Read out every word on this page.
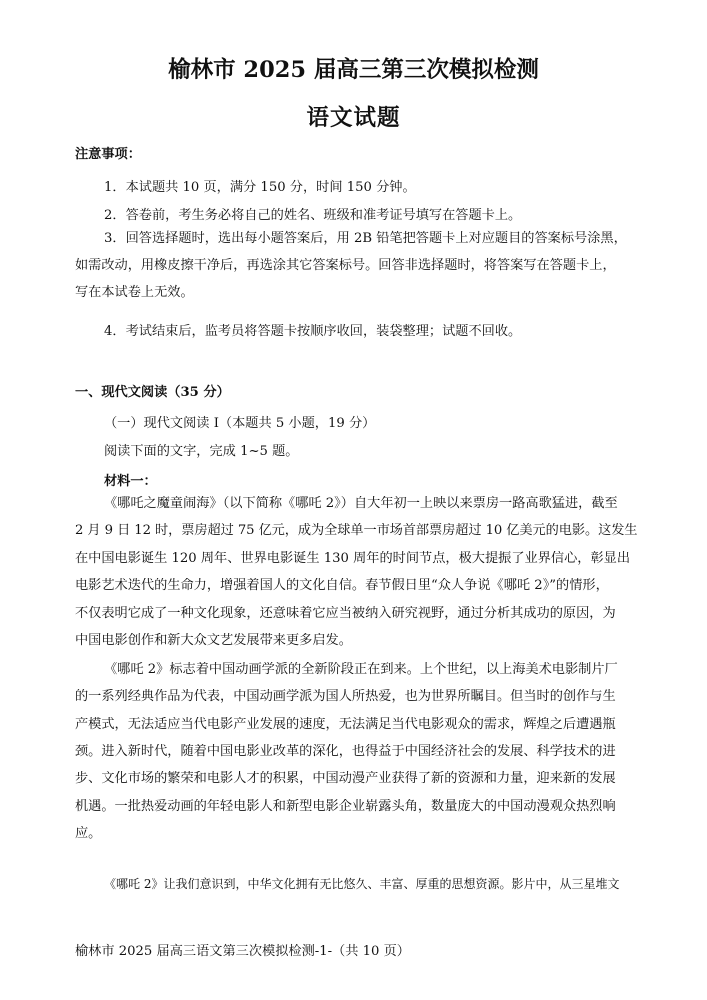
榆林市 2025 届高三第三次模拟检测
语文试题
注意事项：
1．本试题共 10 页，满分 150 分，时间 150 分钟。
2．答卷前，考生务必将自己的姓名、班级和准考证号填写在答题卡上。
3．回答选择题时，选出每小题答案后，用 2B 铅笔把答题卡上对应题目的答案标号涂黑，
如需改动，用橡皮擦干净后，再选涂其它答案标号。回答非选择题时，将答案写在答题卡上，
写在本试卷上无效。
4．考试结束后，监考员将答题卡按顺序收回，装袋整理；试题不回收。
一、现代文阅读（35 分）
（一）现代文阅读 I（本题共 5 小题，19 分）
阅读下面的文字，完成 1~5 题。
材料一：
《哪吒之魔童闹海》（以下简称《哪吒 2》）自大年初一上映以来票房一路高歌猛进，截至
2 月 9 日 12 时，票房超过 75 亿元，成为全球单一市场首部票房超过 10 亿美元的电影。这发生
在中国电影诞生 120 周年、世界电影诞生 130 周年的时间节点，极大提振了业界信心，彰显出
电影艺术迭代的生命力，增强着国人的文化自信。春节假日里“众人争说《哪吒 2》”的情形，
不仅表明它成了一种文化现象，还意味着它应当被纳入研究视野，通过分析其成功的原因，为
中国电影创作和新大众文艺发展带来更多启发。
《哪吒 2》标志着中国动画学派的全新阶段正在到来。上个世纪，以上海美术电影制片厂
的一系列经典作品为代表，中国动画学派为国人所热爱，也为世界所瞩目。但当时的创作与生
产模式，无法适应当代电影产业发展的速度，无法满足当代电影观众的需求，辉煌之后遭遇瓶
颈。进入新时代，随着中国电影业改革的深化，也得益于中国经济社会的发展、科学技术的进
步、文化市场的繁荣和电影人才的积累，中国动漫产业获得了新的资源和力量，迎来新的发展
机遇。一批热爱动画的年轻电影人和新型电影企业崭露头角，数量庞大的中国动漫观众热烈响
应。
《哪吒 2》让我们意识到，中华文化拥有无比悠久、丰富、厚重的思想资源。影片中，从三星堆文
榆林市 2025 届高三语文第三次模拟检测-1-（共 10 页）
